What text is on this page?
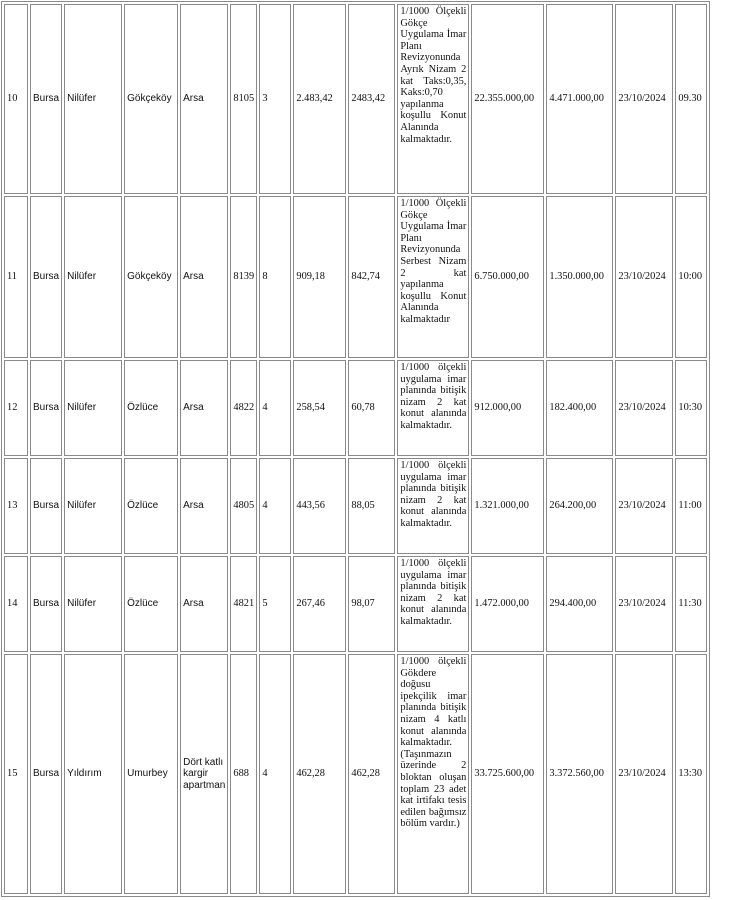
10	Bursa	Nilüfer	Gökçeköy	Arsa	8105	3	2.483,42	2483,42	1/1000 Ölçekli Gökçe Uygulama İmar Planı Revizyonunda Ayrık Nizam 2 kat Taks:0,35, Kaks:0,70 yapılanma koşullu Konut Alanında kalmaktadır.	22.355.000,00	4.471.000,00	23/10/2024	09.30
11	Bursa	Nilüfer	Gökçeköy	Arsa	8139	8	909,18	842,74	1/1000 Ölçekli Gökçe Uygulama İmar Planı Revizyonunda Serbest Nizam 2 kat yapılanma koşullu Konut Alanında kalmaktadır	6.750.000,00	1.350.000,00	23/10/2024	10:00
12	Bursa	Nilüfer	Özlüce	Arsa	4822	4	258,54	60,78	1/1000 ölçekli uygulama imar planında bitişik nizam 2 kat konut alanında kalmaktadır.	912.000,00	182.400,00	23/10/2024	10:30
13	Bursa	Nilüfer	Özlüce	Arsa	4805	4	443,56	88,05	1/1000 ölçekli uygulama imar planında bitişik nizam 2 kat konut alanında kalmaktadır.	1.321.000,00	264.200,00	23/10/2024	11:00
14	Bursa	Nilüfer	Özlüce	Arsa	4821	5	267,46	98,07	1/1000 ölçekli uygulama imar planında bitişik nizam 2 kat konut alanında kalmaktadır.	1.472.000,00	294.400,00	23/10/2024	11:30
15	Bursa	Yıldırım	Umurbey	Dört katlı kargir apartman	688	4	462,28	462,28	1/1000 ölçekli Gökdere doğusu ipekçilik imar planında bitişik nizam 4 katlı konut alanında kalmaktadır. (Taşınmazın üzerinde 2 bloktan oluşan toplam 23 adet kat irtifakı tesis edilen bağımsız bölüm vardır.)	33.725.600,00	3.372.560,00	23/10/2024	13:30
